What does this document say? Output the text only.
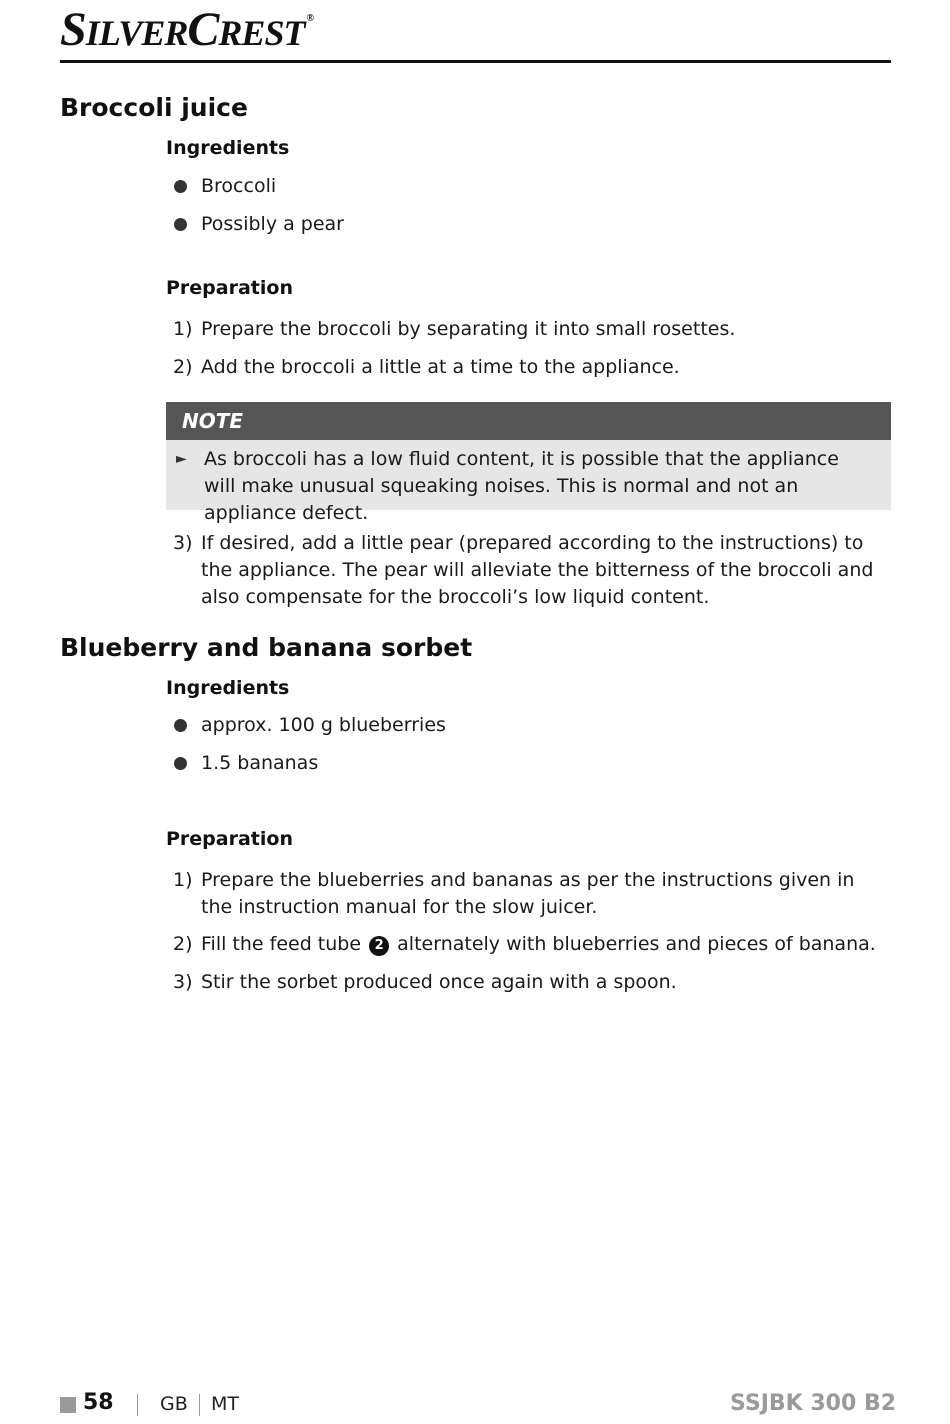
SILVERCREST ®
Broccoli juice
Ingredients
Broccoli
Possibly a pear
Preparation
1) Prepare the broccoli by separating it into small rosettes.
2) Add the broccoli a little at a time to the appliance.
NOTE
► As broccoli has a low fluid content, it is possible that the appliance will make unusual squeaking noises. This is normal and not an appliance defect.
3) If desired, add a little pear (prepared according to the instructions) to the appliance. The pear will alleviate the bitterness of the broccoli and also compensate for the broccoli’s low liquid content.
Blueberry and banana sorbet
Ingredients
approx. 100 g blueberries
1.5 bananas
Preparation
1) Prepare the blueberries and bananas as per the instructions given in the instruction manual for the slow juicer.
2) Fill the feed tube 2 alternately with blueberries and pieces of banana.
3) Stir the sorbet produced once again with a spoon.
58 GB MT	SSJBK 300 B2
